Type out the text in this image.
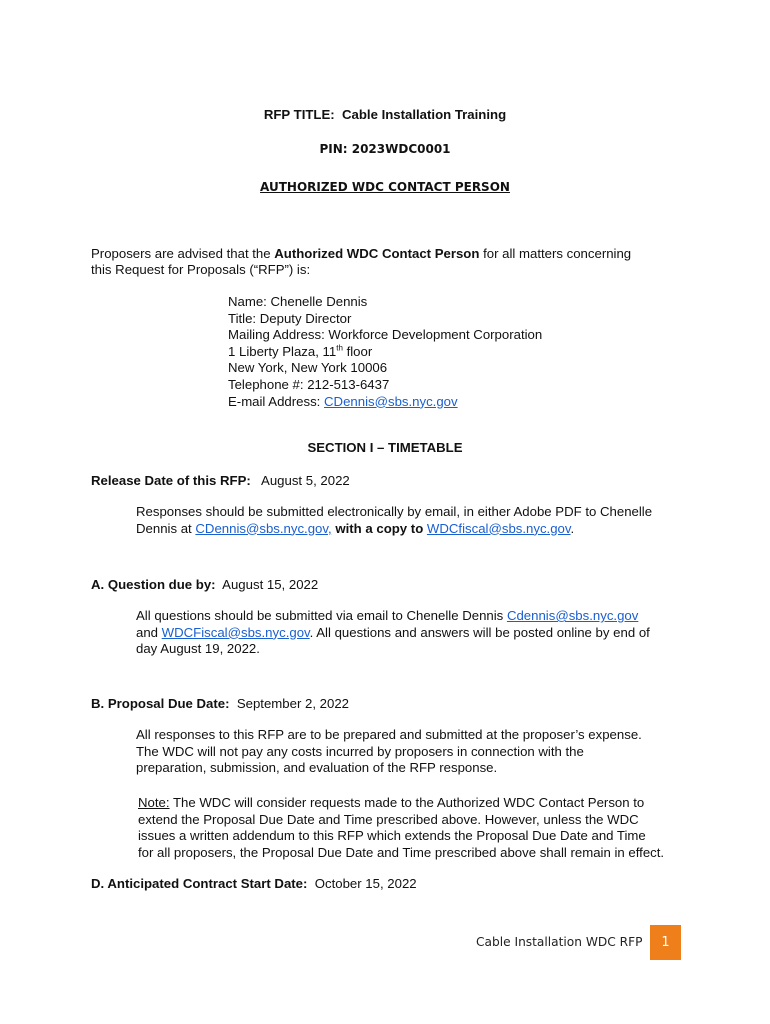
RFP TITLE: Cable Installation Training
PIN: 2023WDC0001
AUTHORIZED WDC CONTACT PERSON
Proposers are advised that the Authorized WDC Contact Person for all matters concerning
this Request for Proposals (“RFP”) is:
Name: Chenelle Dennis
Title: Deputy Director
Mailing Address: Workforce Development Corporation
1 Liberty Plaza, 11th floor
New York, New York 10006
Telephone #: 212-513-6437
E-mail Address: CDennis@sbs.nyc.gov
SECTION I – TIMETABLE
Release Date of this RFP: August 5, 2022
Responses should be submitted electronically by email, in either Adobe PDF to Chenelle
Dennis at CDennis@sbs.nyc.gov, with a copy to WDCfiscal@sbs.nyc.gov.
A. Question due by: August 15, 2022
All questions should be submitted via email to Chenelle Dennis Cdennis@sbs.nyc.gov
and WDCFiscal@sbs.nyc.gov. All questions and answers will be posted online by end of
day August 19, 2022.
B. Proposal Due Date: September 2, 2022
All responses to this RFP are to be prepared and submitted at the proposer’s expense.
The WDC will not pay any costs incurred by proposers in connection with the
preparation, submission, and evaluation of the RFP response.
Note: The WDC will consider requests made to the Authorized WDC Contact Person to
extend the Proposal Due Date and Time prescribed above. However, unless the WDC
issues a written addendum to this RFP which extends the Proposal Due Date and Time
for all proposers, the Proposal Due Date and Time prescribed above shall remain in effect.
D. Anticipated Contract Start Date: October 15, 2022
Cable Installation WDC RFP	1
